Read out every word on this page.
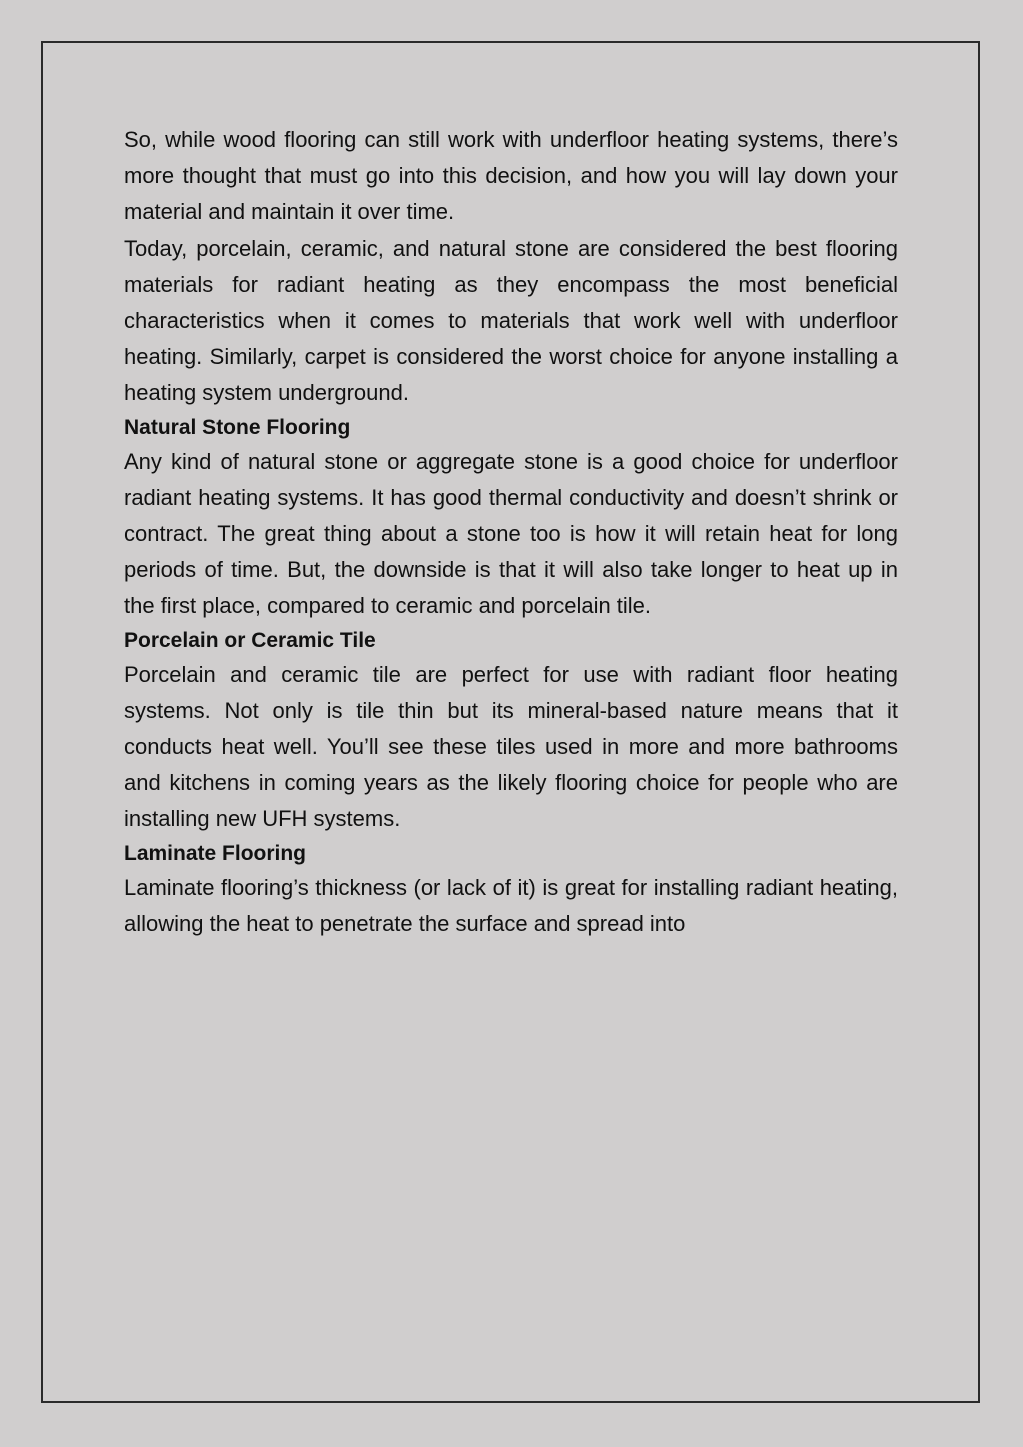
So, while wood flooring can still work with underfloor heating systems, there’s more thought that must go into this decision, and how you will lay down your material and maintain it over time.

Today, porcelain, ceramic, and natural stone are considered the best flooring materials for radiant heating as they encompass the most beneficial characteristics when it comes to materials that work well with underfloor heating. Similarly, carpet is considered the worst choice for anyone installing a heating system underground.

Natural Stone Flooring

Any kind of natural stone or aggregate stone is a good choice for underfloor radiant heating systems. It has good thermal conductivity and doesn’t shrink or contract. The great thing about a stone too is how it will retain heat for long periods of time. But, the downside is that it will also take longer to heat up in the first place, compared to ceramic and porcelain tile.

Porcelain or Ceramic Tile

Porcelain and ceramic tile are perfect for use with radiant floor heating systems. Not only is tile thin but its mineral-based nature means that it conducts heat well. You’ll see these tiles used in more and more bathrooms and kitchens in coming years as the likely flooring choice for people who are installing new UFH systems.

Laminate Flooring

Laminate flooring’s thickness (or lack of it) is great for installing radiant heating, allowing the heat to penetrate the surface and spread into
